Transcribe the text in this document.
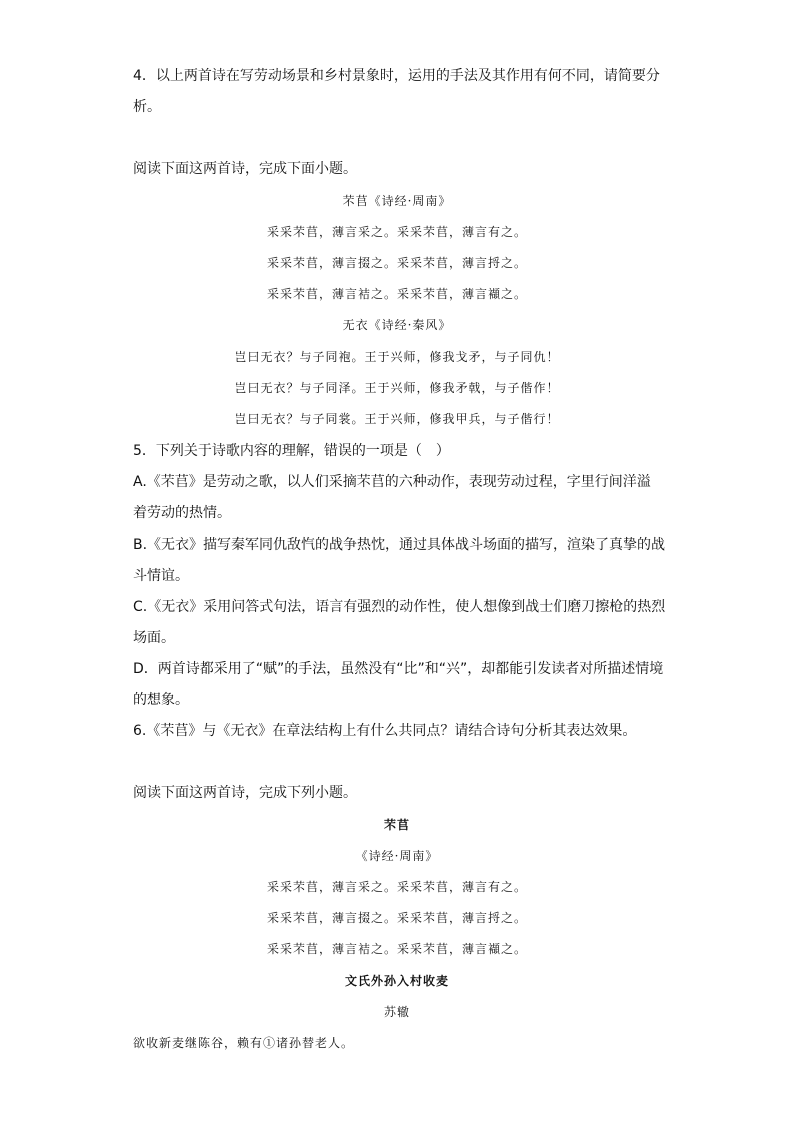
4．以上两首诗在写劳动场景和乡村景象时，运用的手法及其作用有何不同，请简要分
析。
阅读下面这两首诗，完成下面小题。
芣苢《诗经·周南》
采采芣苢，薄言采之。采采芣苢，薄言有之。
采采芣苢，薄言掇之。采采芣苢，薄言捋之。
采采芣苢，薄言袺之。采采芣苢，薄言襭之。
无衣《诗经·秦风》
岂曰无衣？与子同袍。王于兴师，修我戈矛，与子同仇！
岂曰无衣？与子同泽。王于兴师，修我矛戟，与子偕作！
岂曰无衣？与子同裳。王于兴师，修我甲兵，与子偕行！
5．下列关于诗歌内容的理解，错误的一项是（　）
A.《芣苢》是劳动之歌，以人们采摘芣苢的六种动作，表现劳动过程，字里行间洋溢
着劳动的热情。
B.《无衣》描写秦军同仇敌忾的战争热忱，通过具体战斗场面的描写，渲染了真挚的战
斗情谊。
C.《无衣》采用问答式句法，语言有强烈的动作性，使人想像到战士们磨刀擦枪的热烈
场面。
D．两首诗都采用了“赋”的手法，虽然没有“比”和“兴”，却都能引发读者对所描述情境
的想象。
6.《芣苢》与《无衣》在章法结构上有什么共同点？请结合诗句分析其表达效果。
阅读下面这两首诗，完成下列小题。
芣苢
《诗经·周南》
采采芣苢，薄言采之。采采芣苢，薄言有之。
采采芣苢，薄言掇之。采采芣苢，薄言捋之。
采采芣苢，薄言袺之。采采芣苢，薄言襭之。
文氏外孙入村收麦
苏辙
欲收新麦继陈谷，赖有①诸孙替老人。
